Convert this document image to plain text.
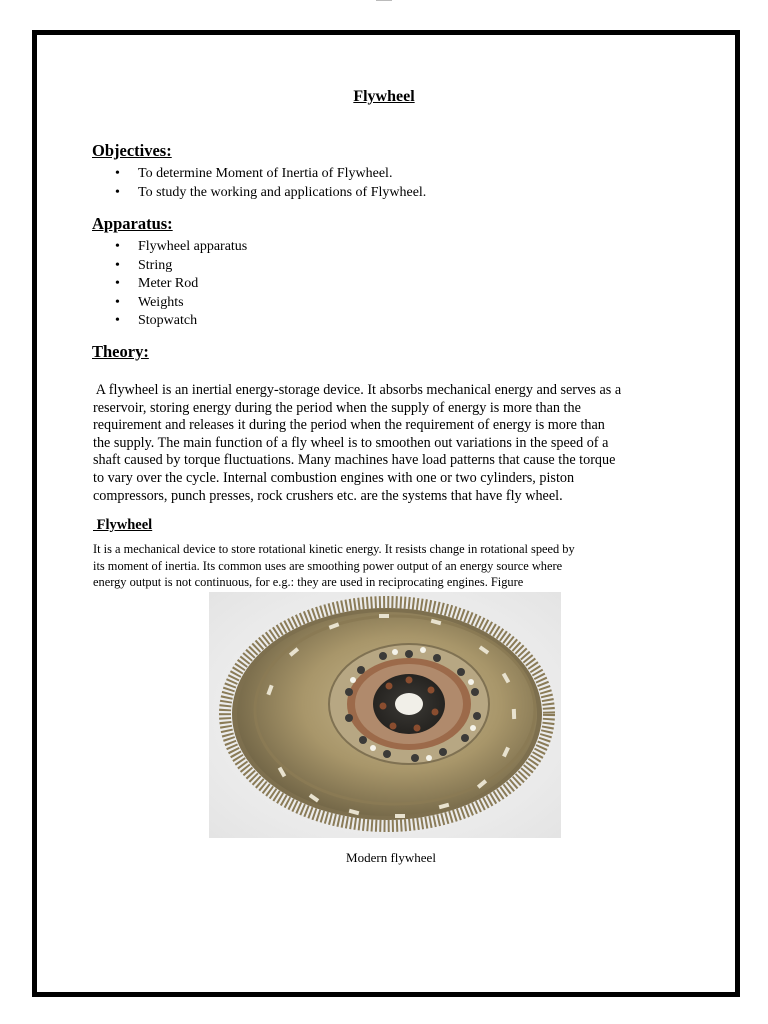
Flywheel
Objectives:
• To determine Moment of Inertia of Flywheel.
• To study the working and applications of Flywheel.
Apparatus:
• Flywheel apparatus
• String
• Meter Rod
• Weights
• Stopwatch
Theory:
A flywheel is an inertial energy-storage device. It absorbs mechanical energy and serves as a
reservoir, storing energy during the period when the supply of energy is more than the
requirement and releases it during the period when the requirement of energy is more than
the supply. The main function of a fly wheel is to smoothen out variations in the speed of a
shaft caused by torque fluctuations. Many machines have load patterns that cause the torque
to vary over the cycle. Internal combustion engines with one or two cylinders, piston
compressors, punch presses, rock crushers etc. are the systems that have fly wheel.
Flywheel
It is a mechanical device to store rotational kinetic energy. It resists change in rotational speed by
its moment of inertia. Its common uses are smoothing power output of an energy source where
energy output is not continuous, for e.g.: they are used in reciprocating engines. Figure
Modern flywheel
